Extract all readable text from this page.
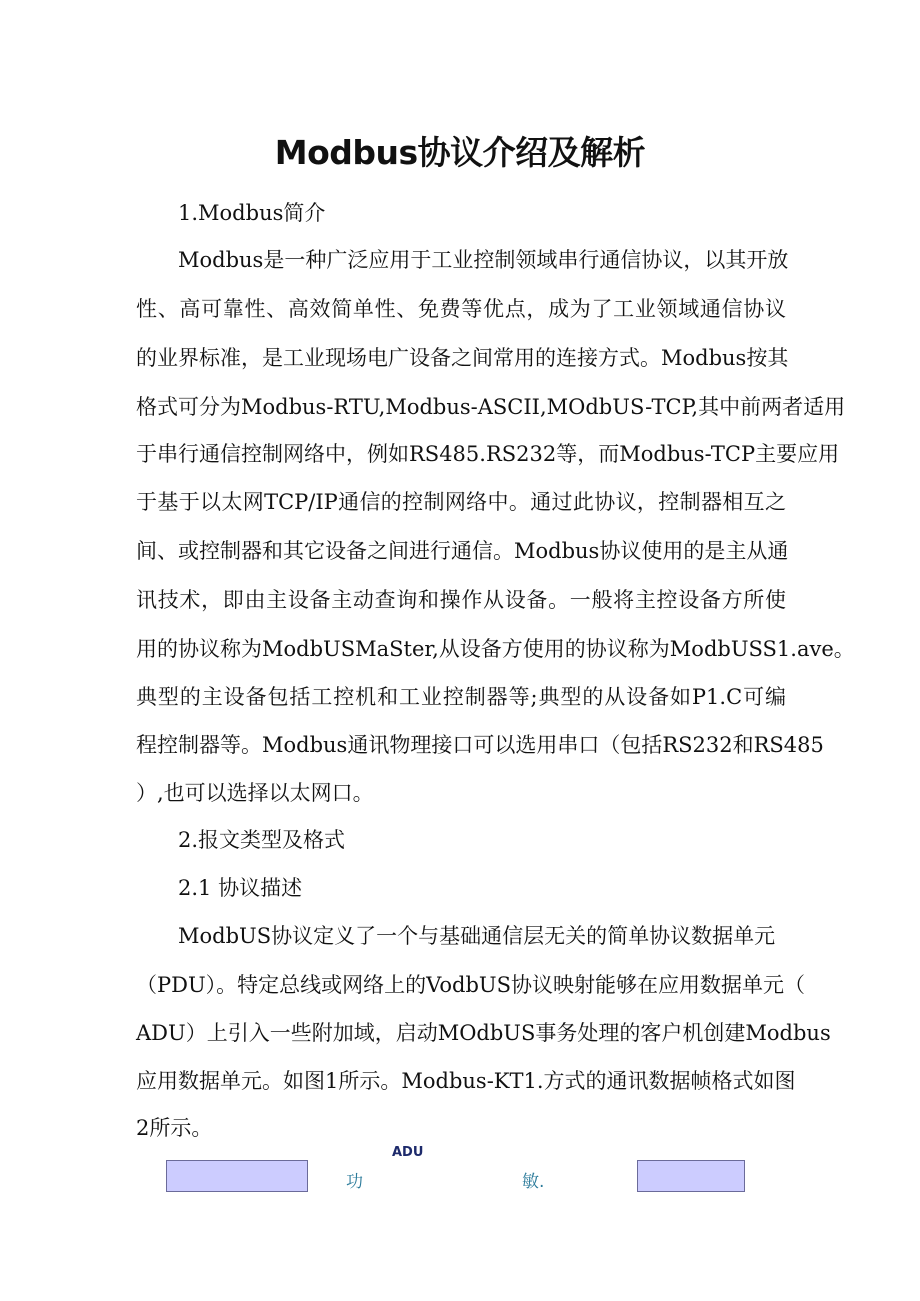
Modbus协议介绍及解析
1.Modbus简介
Modbus是一种广泛应用于工业控制领域串行通信协议，以其开放
性、高可靠性、高效简单性、免费等优点，成为了工业领域通信协议
的业界标准，是工业现场电广设备之间常用的连接方式。Modbus按其
格式可分为Modbus-RTU,Modbus-ASCII,MOdbUS-TCP,其中前两者适用
于串行通信控制网络中，例如RS485.RS232等，而Modbus-TCP主要应用
于基于以太网TCP/IP通信的控制网络中。通过此协议，控制器相互之
间、或控制器和其它设备之间进行通信。Modbus协议使用的是主从通
讯技术，即由主设备主动查询和操作从设备。一般将主控设备方所使
用的协议称为ModbUSMaSter,从设备方使用的协议称为ModbUSS1.ave。
典型的主设备包括工控机和工业控制器等;典型的从设备如P1.C可编
程控制器等。Modbus通讯物理接口可以选用串口（包括RS232和RS485
）,也可以选择以太网口。
2.报文类型及格式
2.1 协议描述
ModbUS协议定义了一个与基础通信层无关的简单协议数据单元
（PDU）。特定总线或网络上的VodbUS协议映射能够在应用数据单元（
ADU）上引入一些附加域，启动MOdbUS事务处理的客户机创建Modbus
应用数据单元。如图1所示。Modbus-KT1.方式的通讯数据帧格式如图
2所示。
ADU
功	敏.
